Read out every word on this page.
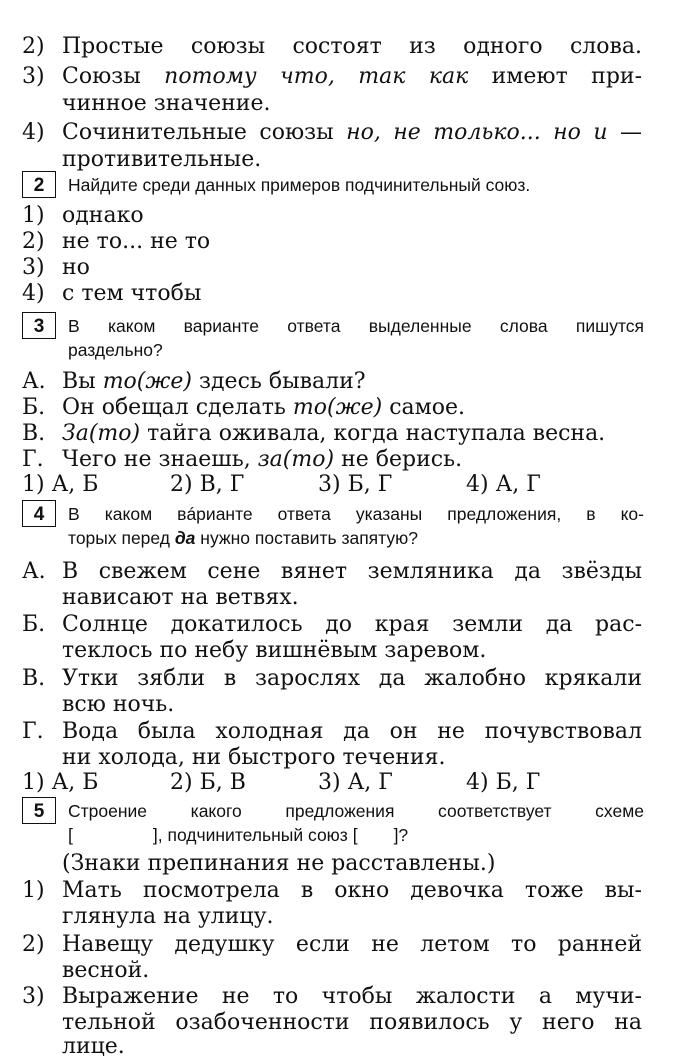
2) Простые союзы состоят из одного слова.
3) Союзы потому что, так как имеют при-
чинное значение.
4) Сочинительные союзы но, не только... но и —
противительные.
2	Найдите среди данных примеров подчинительный союз.
1) однако
2) не то... не то
3) но
4) с тем чтобы
3	В каком варианте ответа выделенные слова пишутся
раздельно?
А. Вы то(же) здесь бывали?
Б. Он обещал сделать то(же) самое.
В. За(то) тайга оживала, когда наступала весна.
Г. Чего не знаешь, за(то) не берись.
1) А, Б	2) В, Г	3) Б, Г	4) А, Г
4	В каком вáрианте ответа указаны предложения, в ко-
торых перед да нужно поставить запятую?
А. В свежем сене вянет земляника да звёзды
нависают на ветвях.
Б. Солнце докатилось до края земли да рас-
теклось по небу вишнёвым заревом.
В. Утки зябли в зарослях да жалобно крякали
всю ночь.
Г. Вода была холодная да он не почувствовал
ни холода, ни быстрого течения.
1) А, Б	2) Б, В	3) А, Г	4) Б, Г
5	Строение какого предложения соответствует схеме
[	], подчинительный союз [ ]?
(Знаки препинания не расставлены.)
1) Мать посмотрела в окно девочка тоже вы-
глянула на улицу.
2) Навещу дедушку если не летом то ранней
весной.
3) Выражение не то чтобы жалости а мучи-
тельной озабоченности появилось у него на
лице.
